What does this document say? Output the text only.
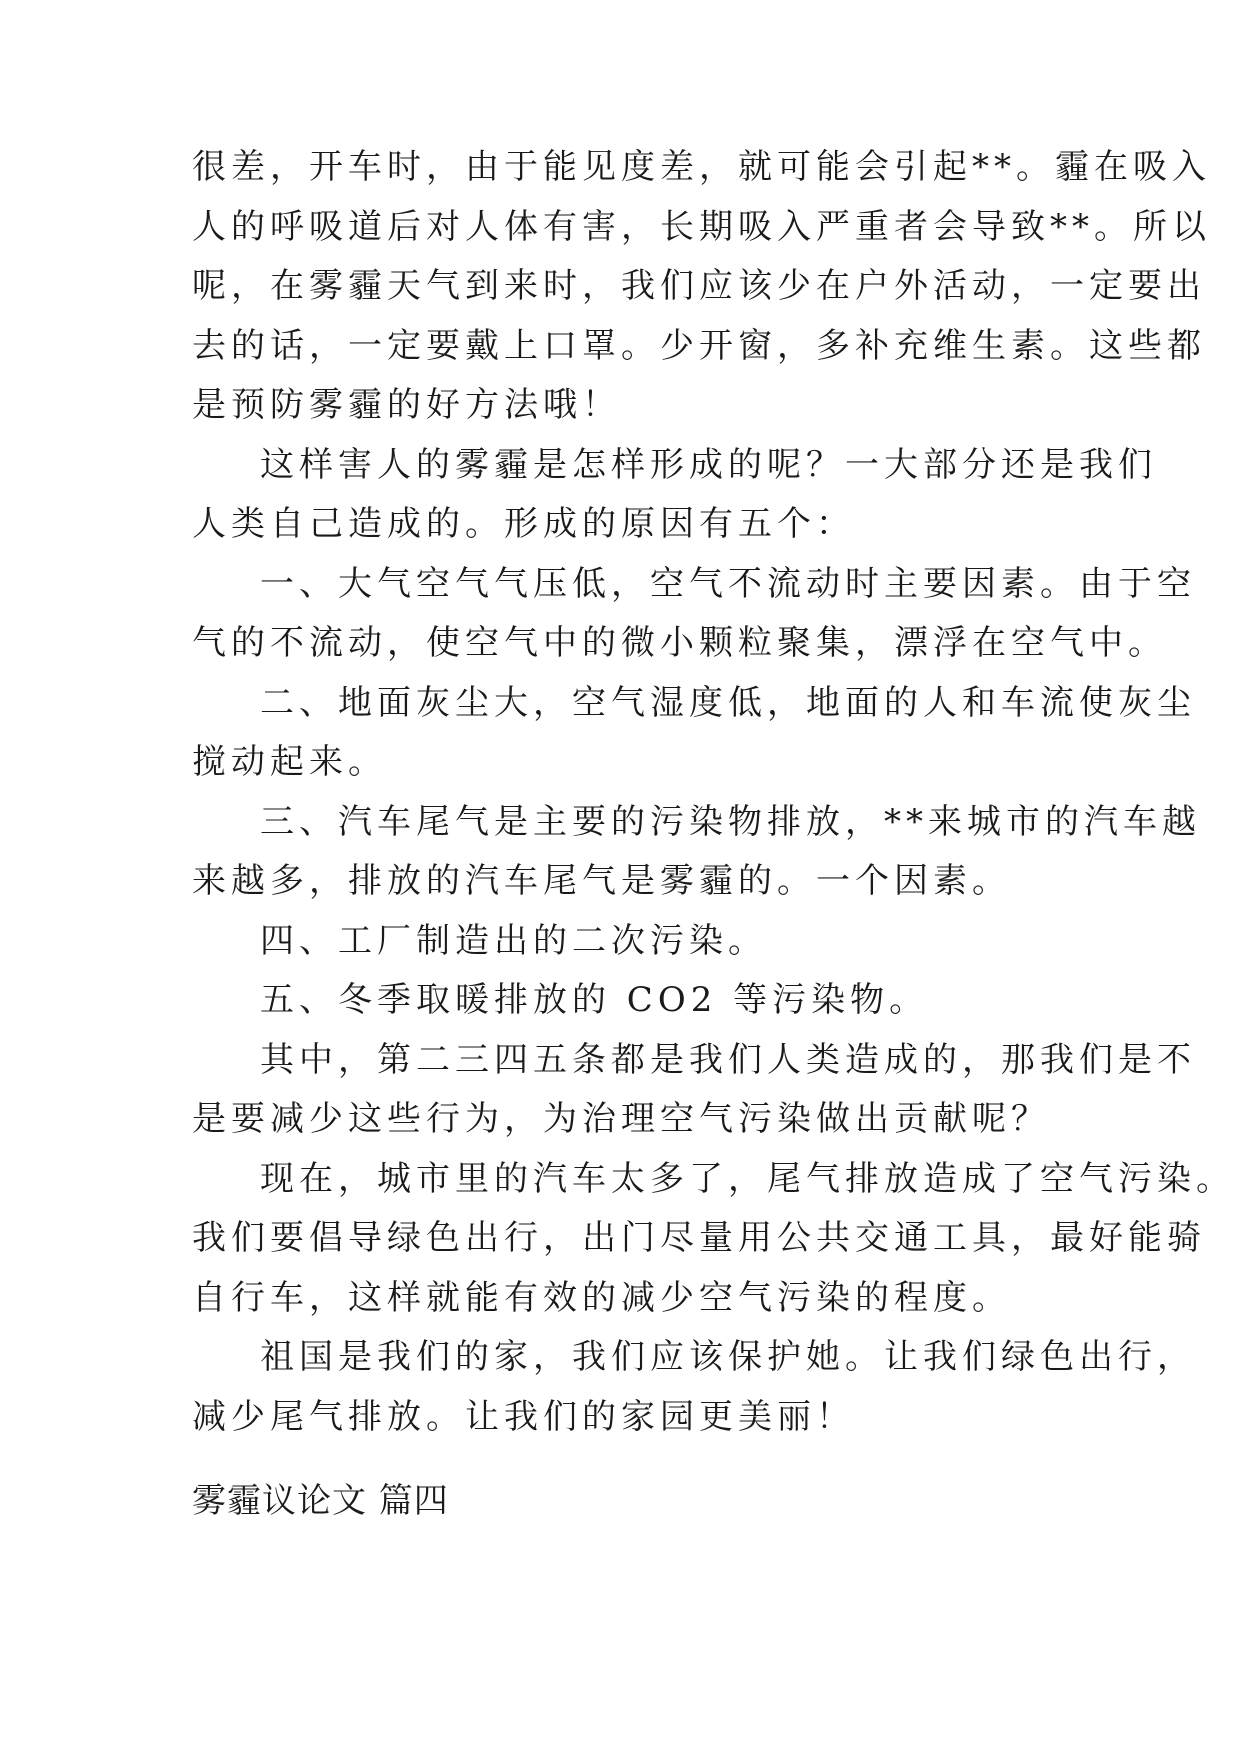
很差，开车时，由于能见度差，就可能会引起**。霾在吸入
人的呼吸道后对人体有害，长期吸入严重者会导致**。所以
呢，在雾霾天气到来时，我们应该少在户外活动，一定要出
去的话，一定要戴上口罩。少开窗，多补充维生素。这些都
是预防雾霾的好方法哦！
这样害人的雾霾是怎样形成的呢？一大部分还是我们
人类自己造成的。形成的原因有五个：
一、大气空气气压低，空气不流动时主要因素。由于空
气的不流动，使空气中的微小颗粒聚集，漂浮在空气中。
二、地面灰尘大，空气湿度低，地面的人和车流使灰尘
搅动起来。
三、汽车尾气是主要的污染物排放，**来城市的汽车越
来越多，排放的汽车尾气是雾霾的。一个因素。
四、工厂制造出的二次污染。
五、冬季取暖排放的 CO2 等污染物。
其中，第二三四五条都是我们人类造成的，那我们是不
是要减少这些行为，为治理空气污染做出贡献呢？
现在，城市里的汽车太多了，尾气排放造成了空气污染。
我们要倡导绿色出行，出门尽量用公共交通工具，最好能骑
自行车，这样就能有效的减少空气污染的程度。
祖国是我们的家，我们应该保护她。让我们绿色出行，
减少尾气排放。让我们的家园更美丽！
雾霾议论文 篇四
